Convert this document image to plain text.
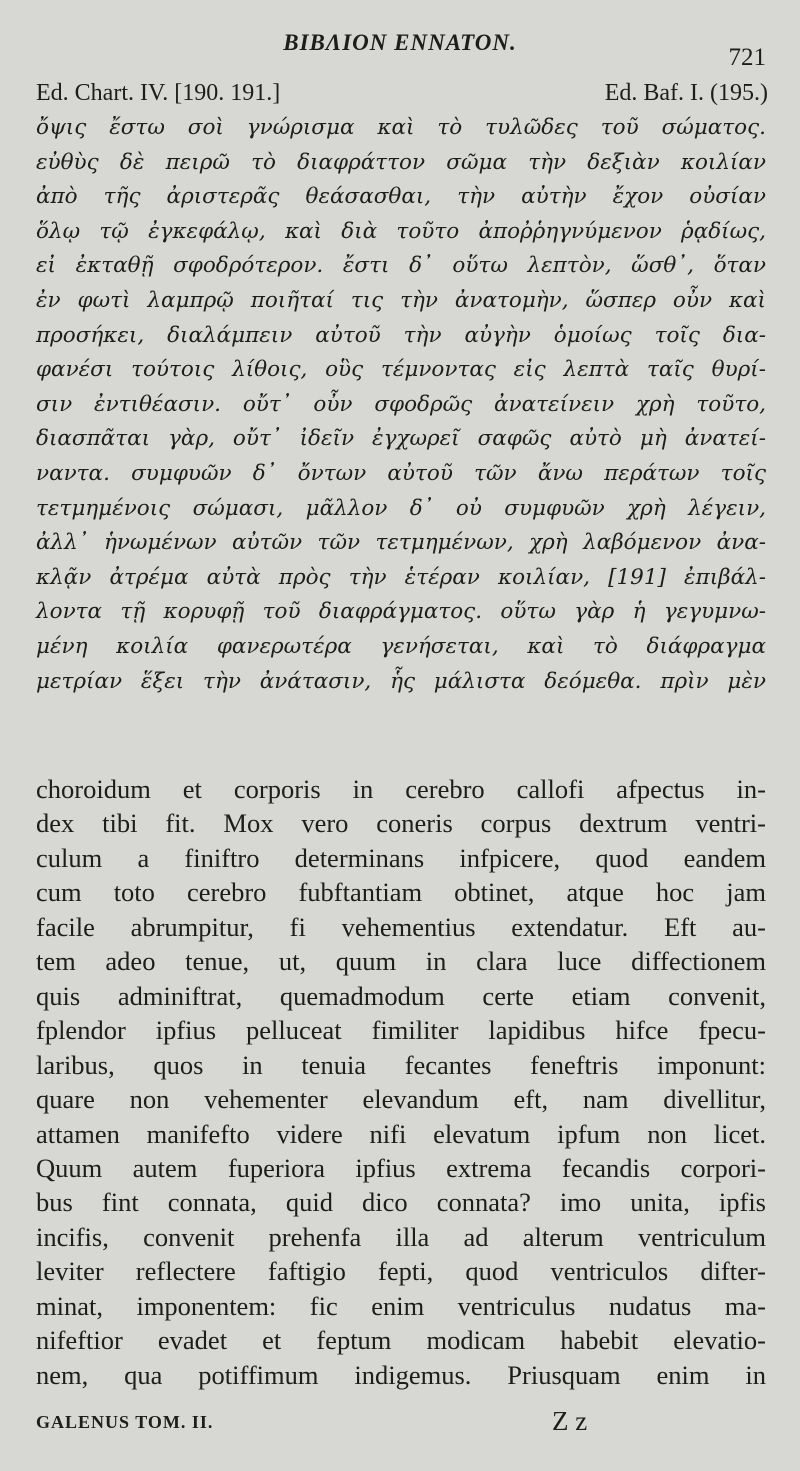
BIBΛΙΟΝ ΕΝΝΑΤΟΝ.
721
Ed. Chart. IV. [190. 191.]	Ed. Baf. I. (195.)
ὄψις ἔστω σοὶ γνώρισμα καὶ τὸ τυλῶδες τοῦ σώματος.
εὐθὺς δὲ πειρῶ τὸ διαφράττον σῶμα τὴν δεξιὰν κοιλίαν
ἀπὸ τῆς ἀριστερᾶς θεάσασθαι, τὴν αὐτὴν ἔχον οὐσίαν
ὅλῳ τῷ ἐγκεφάλῳ, καὶ διὰ τοῦτο ἀποῤῥηγνύμενον ῥᾳδίως,
εἰ ἐκταθῇ σφοδρότερον. ἔστι δ᾽ οὕτω λεπτὸν, ὥσθ᾽, ὅταν
ἐν φωτὶ λαμπρῷ ποιῆταί τις τὴν ἀνατομὴν, ὥσπερ οὖν καὶ
προσήκει, διαλάμπειν αὐτοῦ τὴν αὐγὴν ὁμοίως τοῖς δια-
φανέσι τούτοις λίθοις, οὓς τέμνοντας εἰς λεπτὰ ταῖς θυρί-
σιν ἐντιθέασιν. οὔτ᾽ οὖν σφοδρῶς ἀνατείνειν χρὴ τοῦτο,
διασπᾶται γὰρ, οὔτ᾽ ἰδεῖν ἐγχωρεῖ σαφῶς αὐτὸ μὴ ἀνατεί-
ναντα. συμφυῶν δ᾽ ὄντων αὐτοῦ τῶν ἄνω περάτων τοῖς
τετμημένοις σώμασι, μᾶλλον δ᾽ οὐ συμφυῶν χρὴ λέγειν,
ἀλλ᾽ ἡνωμένων αὐτῶν τῶν τετμημένων, χρὴ λαβόμενον ἀνα-
κλᾷν ἀτρέμα αὐτὰ πρὸς τὴν ἑτέραν κοιλίαν, [191] ἐπιβάλ-
λοντα τῇ κορυφῇ τοῦ διαφράγματος. οὕτω γὰρ ἡ γεγυμνω-
μένη κοιλία φανερωτέρα γενήσεται, καὶ τὸ διάφραγμα
μετρίαν ἕξει τὴν ἀνάτασιν, ἧς μάλιστα δεόμεθα. πρὶν μὲν
choroidum et corporis in cerebro callofi afpectus in-
dex tibi fit. Mox vero coneris corpus dextrum ventri-
culum a finiftro determinans infpicere, quod eandem
cum toto cerebro fubftantiam obtinet, atque hoc jam
facile abrumpitur, fi vehementius extendatur. Eft au-
tem adeo tenue, ut, quum in clara luce diffectionem
quis adminiftrat, quemadmodum certe etiam convenit,
fplendor ipfius pelluceat fimiliter lapidibus hifce fpecu-
laribus, quos in tenuia fecantes feneftris imponunt:
quare non vehementer elevandum eft, nam divellitur,
attamen manifefto videre nifi elevatum ipfum non licet.
Quum autem fuperiora ipfius extrema fecandis corpori-
bus fint connata, quid dico connata? imo unita, ipfis
incifis, convenit prehenfa illa ad alterum ventriculum
leviter reflectere faftigio fepti, quod ventriculos difter-
minat, imponentem: fic enim ventriculus nudatus ma-
nifeftior evadet et feptum modicam habebit elevatio-
nem, qua potiffimum indigemus. Priusquam enim in
GALENUS TOM. II.	Z z
